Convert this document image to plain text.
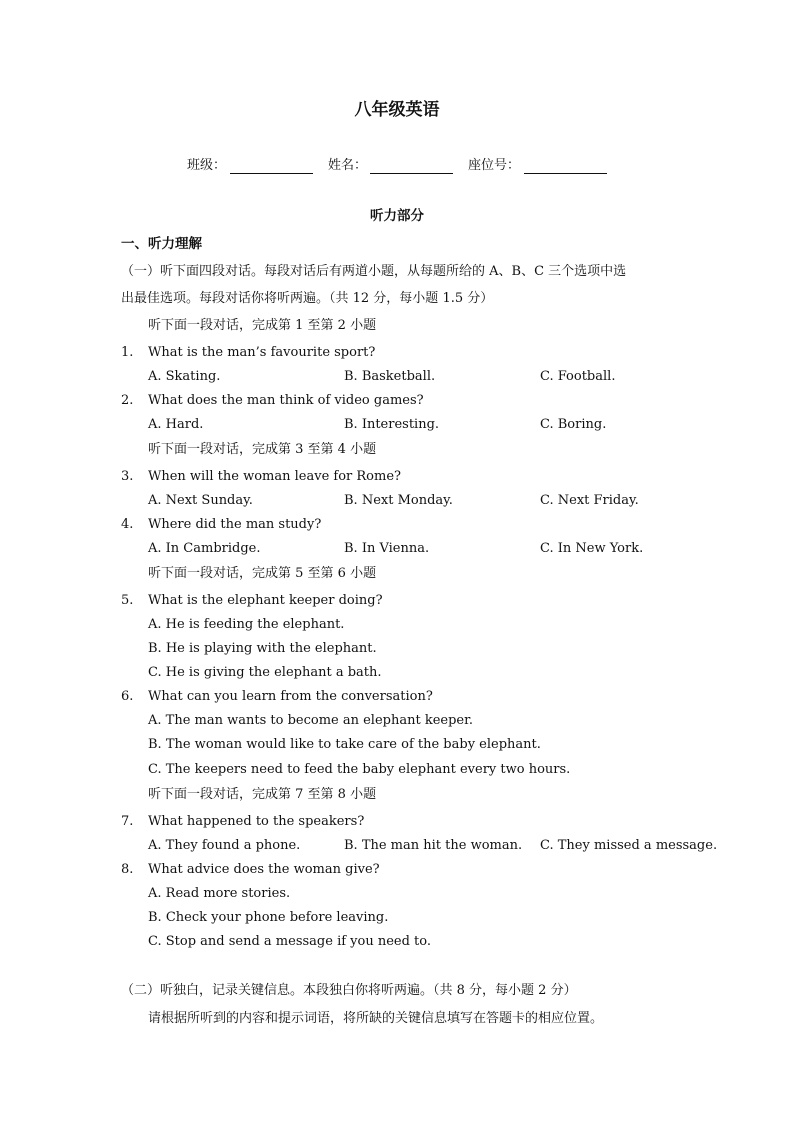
八年级英语
班级：	姓名：	座位号：
听力部分
一、听力理解
（一）听下面四段对话。每段对话后有两道小题，从每题所给的 A、B、C 三个选项中选
出最佳选项。每段对话你将听两遍。（共 12 分，每小题 1.5 分）
听下面一段对话，完成第 1 至第 2 小题
1. What is the man’s favourite sport?
A. Skating.	B. Basketball.	C. Football.
2. What does the man think of video games?
A. Hard.	B. Interesting.	C. Boring.
听下面一段对话，完成第 3 至第 4 小题
3. When will the woman leave for Rome?
A. Next Sunday.	B. Next Monday.	C. Next Friday.
4. Where did the man study?
A. In Cambridge.	B. In Vienna.	C. In New York.
听下面一段对话，完成第 5 至第 6 小题
5. What is the elephant keeper doing?
A. He is feeding the elephant.
B. He is playing with the elephant.
C. He is giving the elephant a bath.
6. What can you learn from the conversation?
A. The man wants to become an elephant keeper.
B. The woman would like to take care of the baby elephant.
C. The keepers need to feed the baby elephant every two hours.
听下面一段对话，完成第 7 至第 8 小题
7. What happened to the speakers?
A. They found a phone.	B. The man hit the woman. C. They missed a message.
8. What advice does the woman give?
A. Read more stories.
B. Check your phone before leaving.
C. Stop and send a message if you need to.
（二）听独白，记录关键信息。本段独白你将听两遍。（共 8 分，每小题 2 分）
请根据所听到的内容和提示词语，将所缺的关键信息填写在答题卡的相应位置。
